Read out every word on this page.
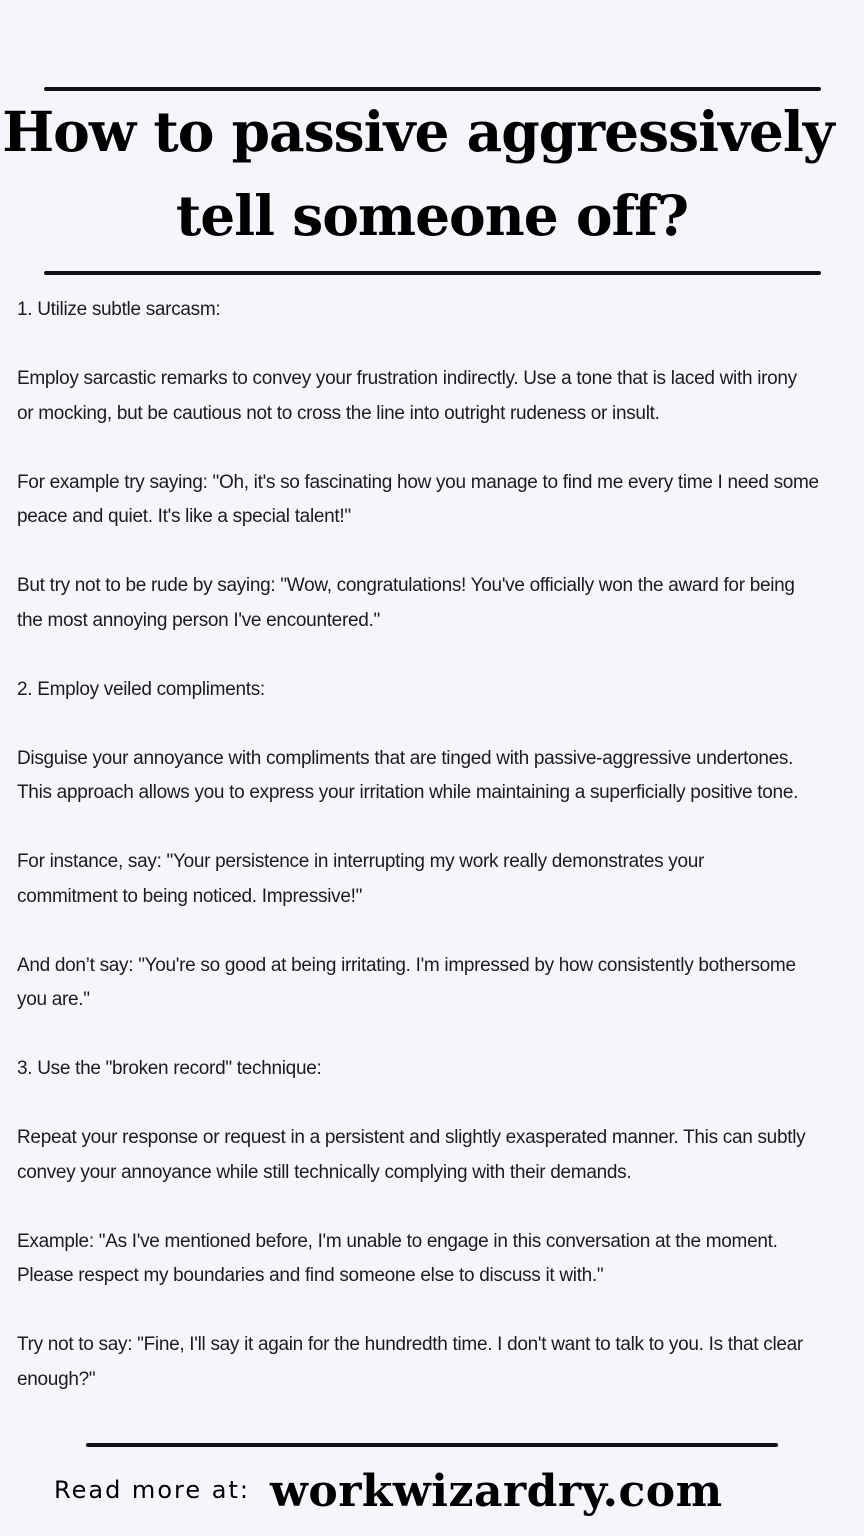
How to passive aggressively
tell someone off?

1. Utilize subtle sarcasm:

Employ sarcastic remarks to convey your frustration indirectly. Use a tone that is laced with irony
or mocking, but be cautious not to cross the line into outright rudeness or insult.

For example try saying: "Oh, it's so fascinating how you manage to find me every time I need some
peace and quiet. It's like a special talent!"

But try not to be rude by saying: "Wow, congratulations! You've officially won the award for being
the most annoying person I've encountered."

2. Employ veiled compliments:

Disguise your annoyance with compliments that are tinged with passive-aggressive undertones.
This approach allows you to express your irritation while maintaining a superficially positive tone.

For instance, say: "Your persistence in interrupting my work really demonstrates your
commitment to being noticed. Impressive!"

And don’t say: "You're so good at being irritating. I'm impressed by how consistently bothersome
you are."

3. Use the "broken record" technique:

Repeat your response or request in a persistent and slightly exasperated manner. This can subtly
convey your annoyance while still technically complying with their demands.

Example: "As I've mentioned before, I'm unable to engage in this conversation at the moment.
Please respect my boundaries and find someone else to discuss it with."

Try not to say: "Fine, I'll say it again for the hundredth time. I don't want to talk to you. Is that clear
enough?"

Read more at: workwizardry.com
